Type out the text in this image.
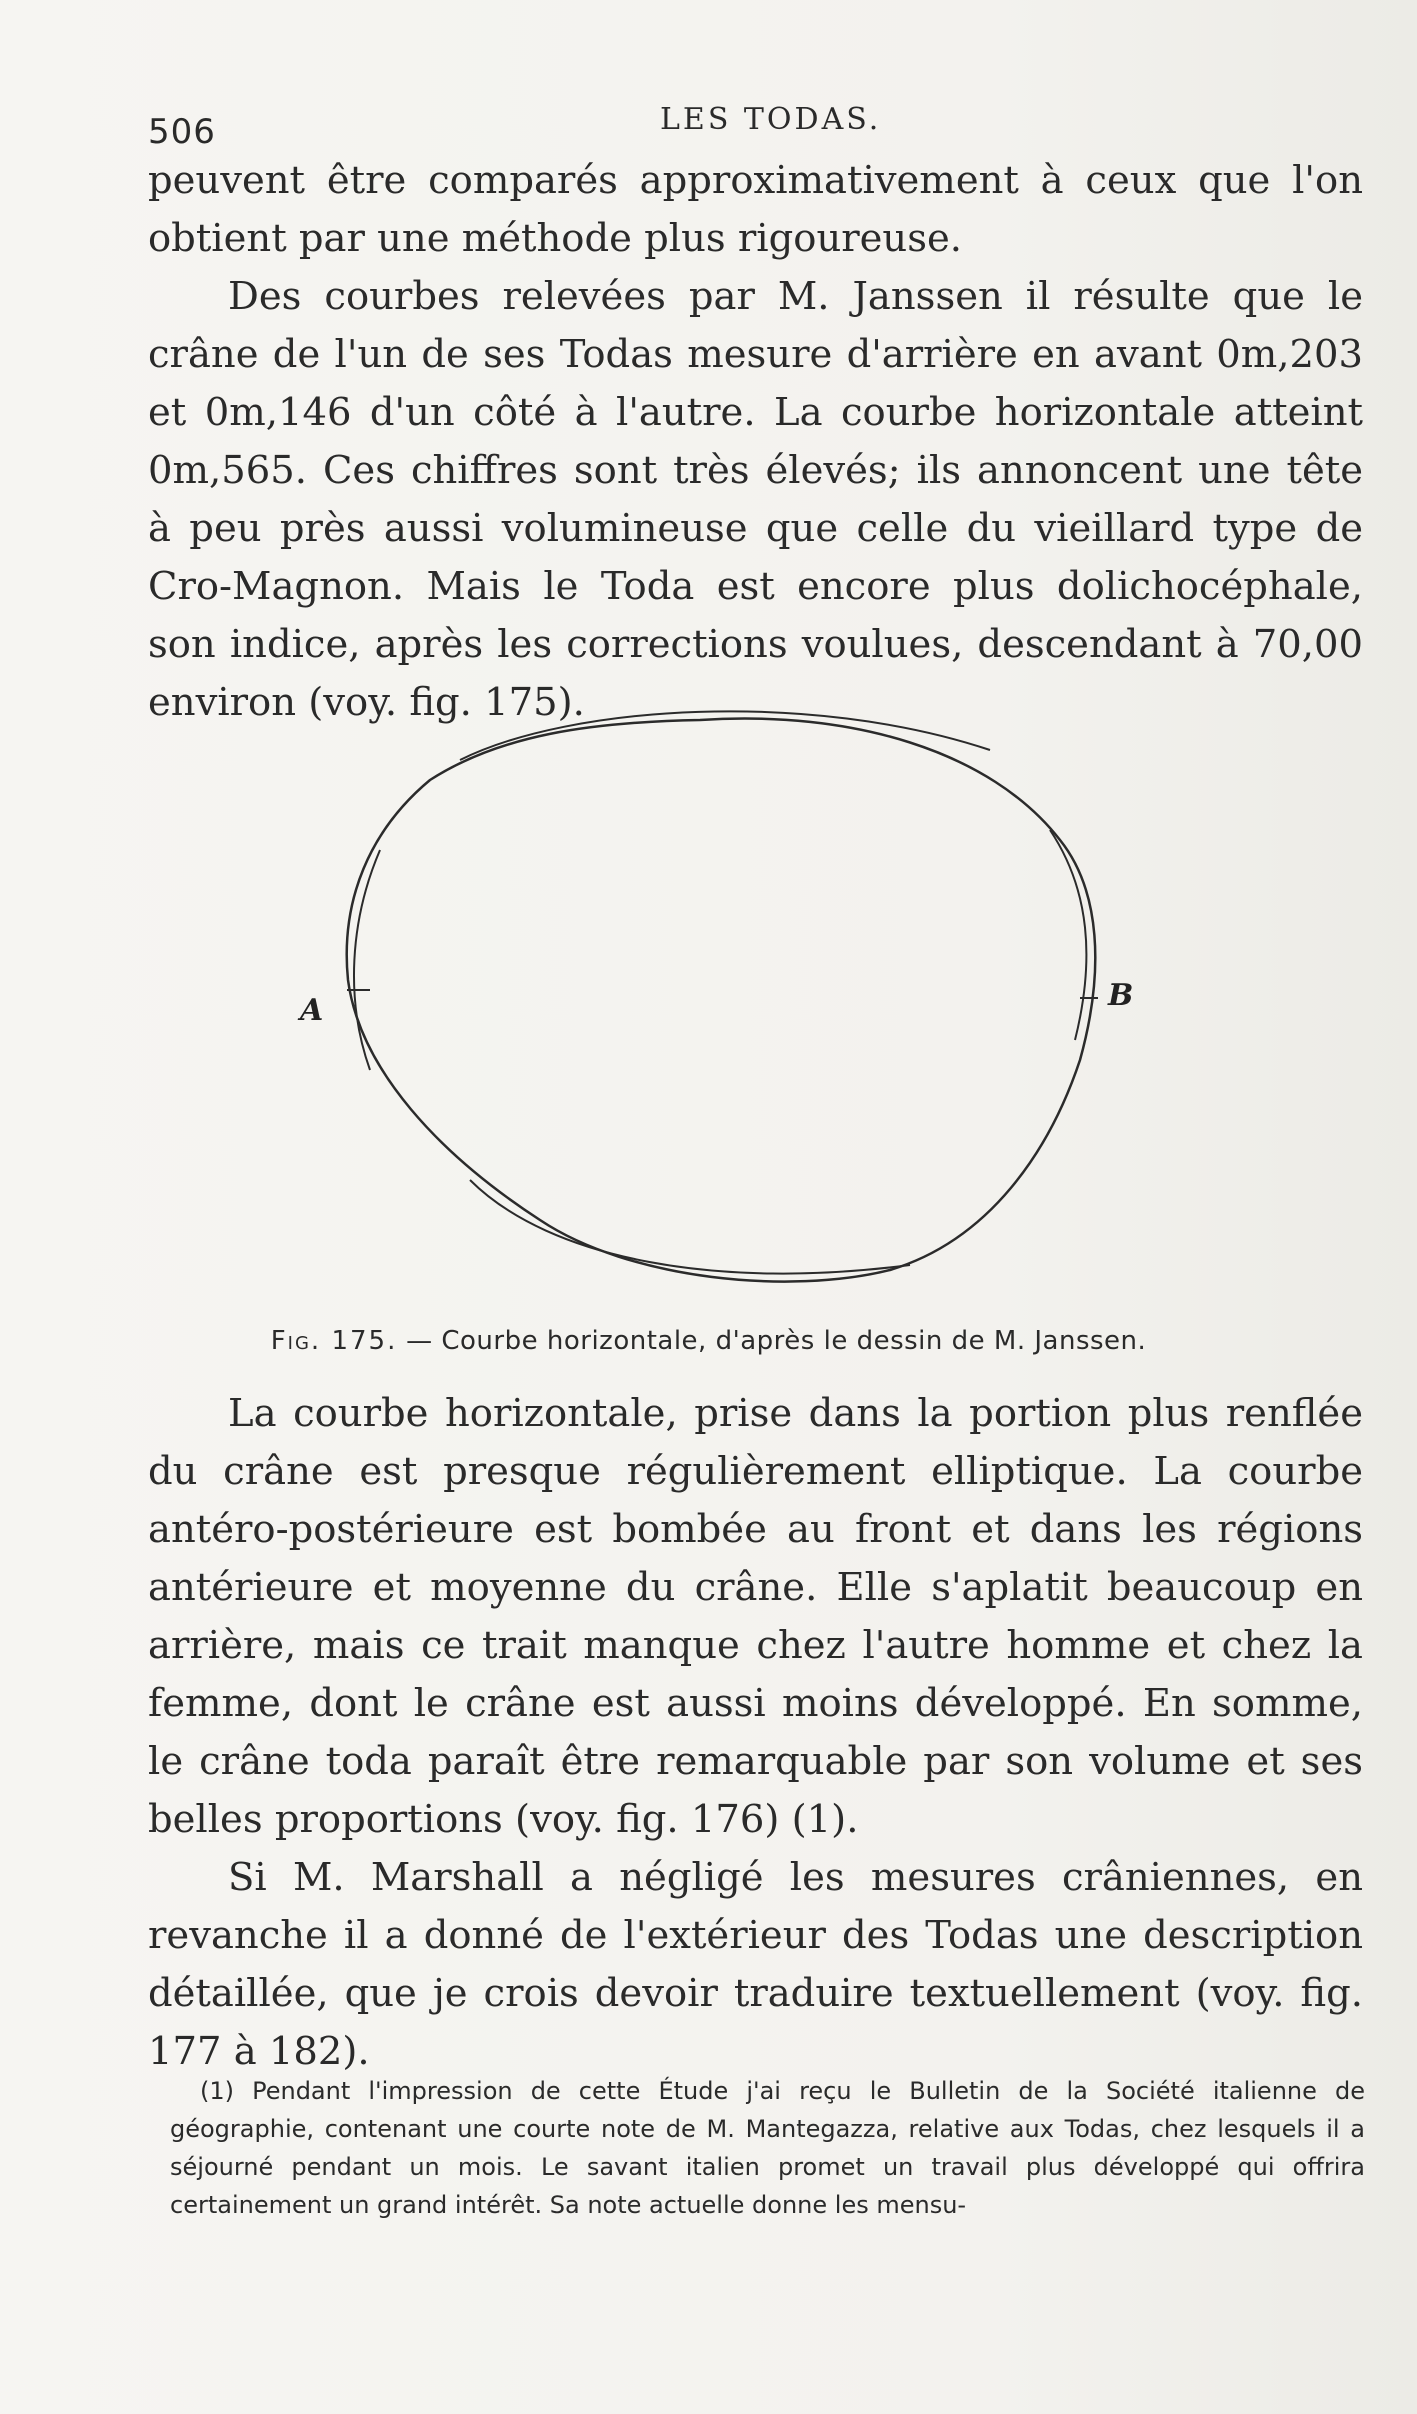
506	LES TODAS.

peuvent être comparés approximativement à ceux que l'on obtient par une méthode plus rigoureuse.

Des courbes relevées par M. Janssen il résulte que le crâne de l'un de ses Todas mesure d'arrière en avant 0m,203 et 0m,146 d'un côté à l'autre. La courbe horizontale atteint 0m,565. Ces chiffres sont très élevés; ils annoncent une tête à peu près aussi volumineuse que celle du vieillard type de Cro-Magnon. Mais le Toda est encore plus dolichocéphale, son indice, après les corrections voulues, descendant à 70,00 environ (voy. fig. 175).

A	B
Fig. 175. — Courbe horizontale, d'après le dessin de M. Janssen.

La courbe horizontale, prise dans la portion plus renflée du crâne est presque régulièrement elliptique. La courbe antéro-postérieure est bombée au front et dans les régions antérieure et moyenne du crâne. Elle s'aplatit beaucoup en arrière, mais ce trait manque chez l'autre homme et chez la femme, dont le crâne est aussi moins développé. En somme, le crâne toda paraît être remarquable par son volume et ses belles proportions (voy. fig. 176) (1).

Si M. Marshall a négligé les mesures crâniennes, en revanche il a donné de l'extérieur des Todas une description détaillée, que je crois devoir traduire textuellement (voy. fig. 177 à 182).

(1) Pendant l'impression de cette Étude j'ai reçu le Bulletin de la Société italienne de géographie, contenant une courte note de M. Mantegazza, relative aux Todas, chez lesquels il a séjourné pendant un mois. Le savant italien promet un travail plus développé qui offrira certainement un grand intérêt. Sa note actuelle donne les mensu-
